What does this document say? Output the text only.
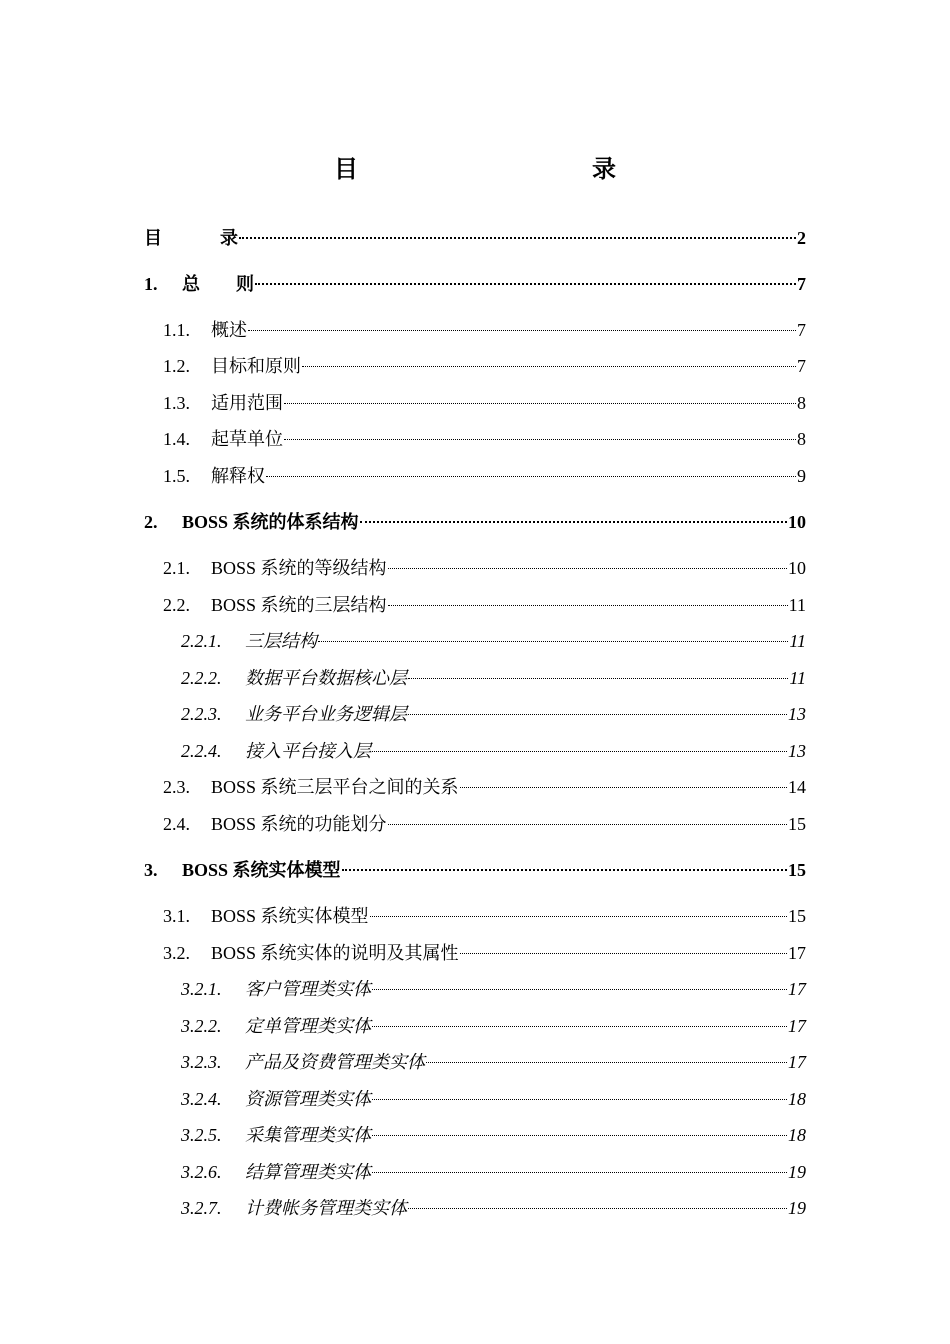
目　　录
目	录	2
1.	总　　则	7
1.1.	概述	7
1.2.	目标和原则	7
1.3.	适用范围	8
1.4.	起草单位	8
1.5.	解释权	9
2.	BOSS 系统的体系结构	10
2.1.	BOSS 系统的等级结构	10
2.2.	BOSS 系统的三层结构	11
2.2.1.	三层结构	11
2.2.2.	数据平台数据核心层	11
2.2.3.	业务平台业务逻辑层	13
2.2.4.	接入平台接入层	13
2.3.	BOSS 系统三层平台之间的关系	14
2.4.	BOSS 系统的功能划分	15
3.	BOSS 系统实体模型	15
3.1.	BOSS 系统实体模型	15
3.2.	BOSS 系统实体的说明及其属性	17
3.2.1.	客户管理类实体	17
3.2.2.	定单管理类实体	17
3.2.3.	产品及资费管理类实体	17
3.2.4.	资源管理类实体	18
3.2.5.	采集管理类实体	18
3.2.6.	结算管理类实体	19
3.2.7.	计费帐务管理类实体	19
